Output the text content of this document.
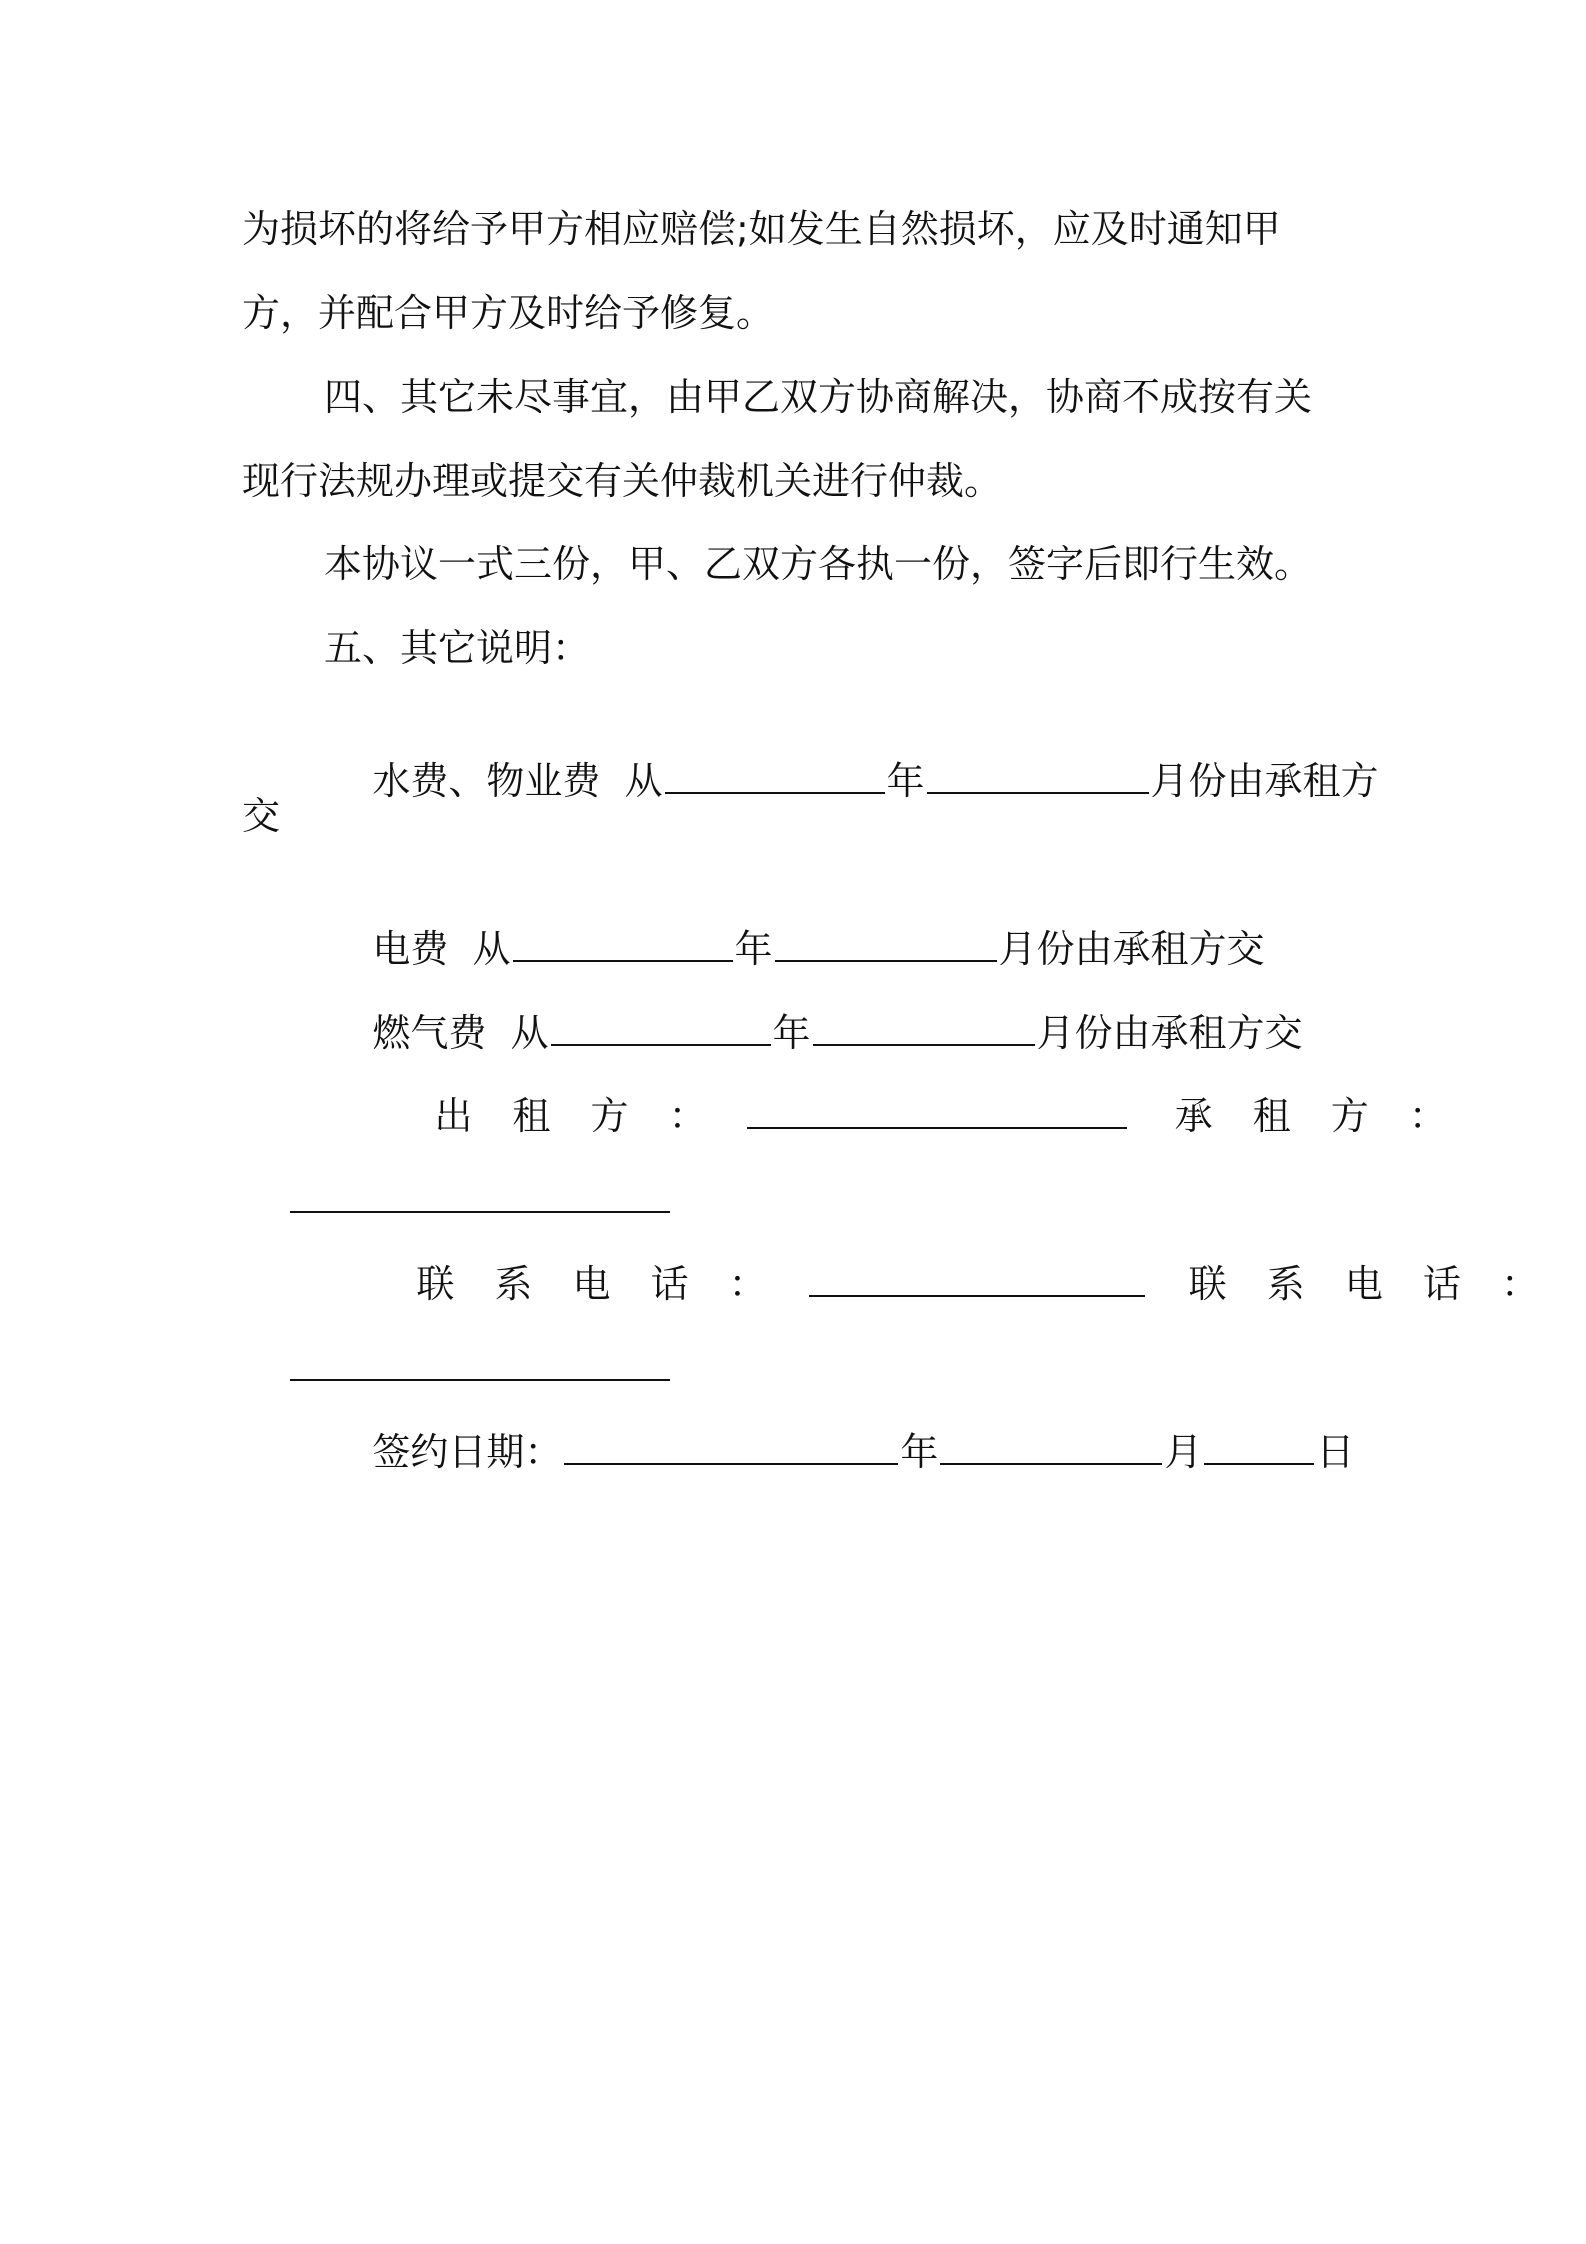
为损坏的将给予甲方相应赔偿;如发生自然损坏，应及时通知甲
方，并配合甲方及时给予修复。
四、其它未尽事宜，由甲乙双方协商解决，协商不成按有关
现行法规办理或提交有关仲裁机关进行仲裁。
本协议一式三份，甲、乙双方各执一份，签字后即行生效。
五、其它说明：

水费、物业费  从	年	月份由承租方

交

电费  从	年	月份由承租方交

燃气费  从	年	月份由承租方交

出 租 方 ：	承 租 方 ：

联 系 电 话 ：	联 系 电 话 ：

签约日期：	年	月	日
